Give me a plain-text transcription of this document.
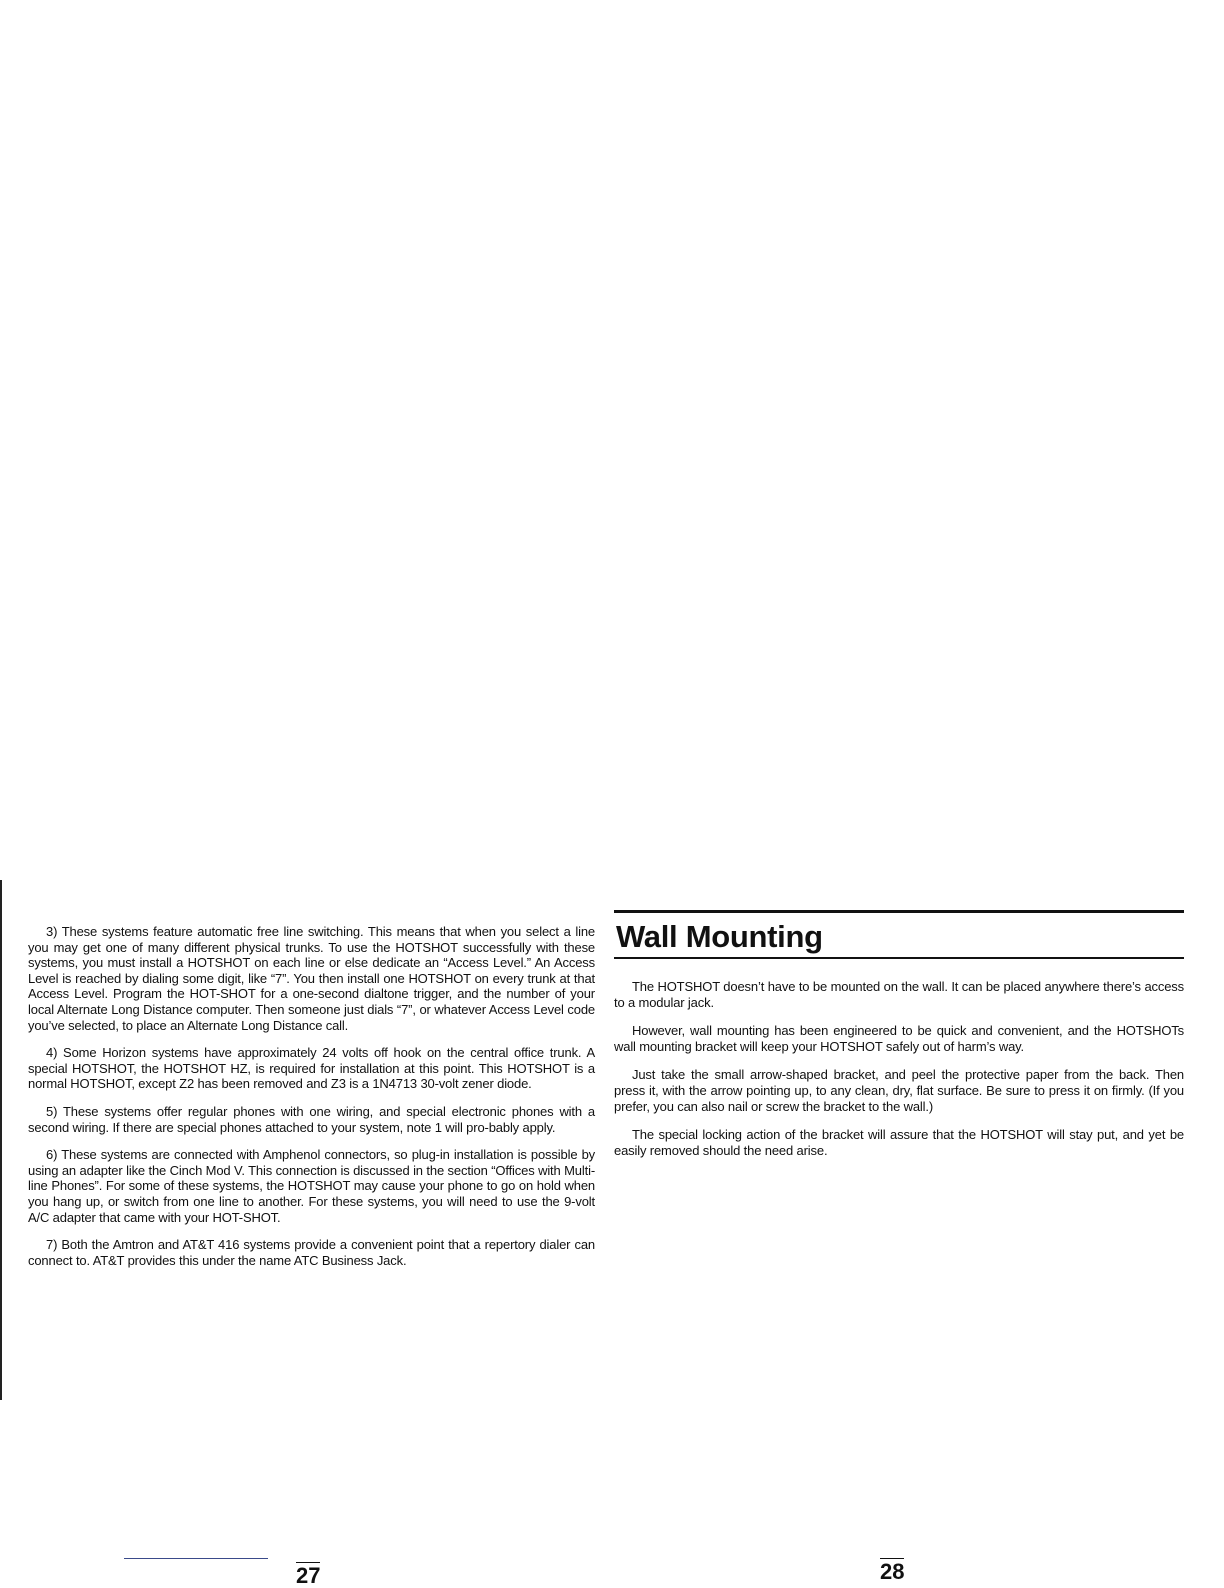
3) These systems feature automatic free line switching. This means that when you select a line you may get one of many different physical trunks. To use the HOTSHOT successfully with these systems, you must install a HOTSHOT on each line or else dedicate an “Access Level.” An Access Level is reached by dialing some digit, like “7”. You then install one HOTSHOT on every trunk at that Access Level. Program the HOT-SHOT for a one-second dialtone trigger, and the number of your local Alternate Long Distance computer. Then someone just dials “7”, or whatever Access Level code you’ve selected, to place an Alternate Long Distance call.

4) Some Horizon systems have approximately 24 volts off hook on the central office trunk. A special HOTSHOT, the HOTSHOT HZ, is required for installation at this point. This HOTSHOT is a normal HOTSHOT, except Z2 has been removed and Z3 is a 1N4713 30-volt zener diode.

5) These systems offer regular phones with one wiring, and special electronic phones with a second wiring. If there are special phones attached to your system, note 1 will pro-bably apply.

6) These systems are connected with Amphenol connectors, so plug-in installation is possible by using an adapter like the Cinch Mod V. This connection is discussed in the section “Offices with Multi-line Phones”. For some of these systems, the HOTSHOT may cause your phone to go on hold when you hang up, or switch from one line to another. For these systems, you will need to use the 9-volt A/C adapter that came with your HOT-SHOT.

7) Both the Amtron and AT&T 416 systems provide a convenient point that a repertory dialer can connect to. AT&T provides this under the name ATC Business Jack.

Wall Mounting

The HOTSHOT doesn’t have to be mounted on the wall. It can be placed anywhere there’s access to a modular jack.

However, wall mounting has been engineered to be quick and convenient, and the HOTSHOTs wall mounting bracket will keep your HOTSHOT safely out of harm’s way.

Just take the small arrow-shaped bracket, and peel the protective paper from the back. Then press it, with the arrow pointing up, to any clean, dry, flat surface. Be sure to press it on firmly. (If you prefer, you can also nail or screw the bracket to the wall.)

The special locking action of the bracket will assure that the HOTSHOT will stay put, and yet be easily removed should the need arise.

27	28
